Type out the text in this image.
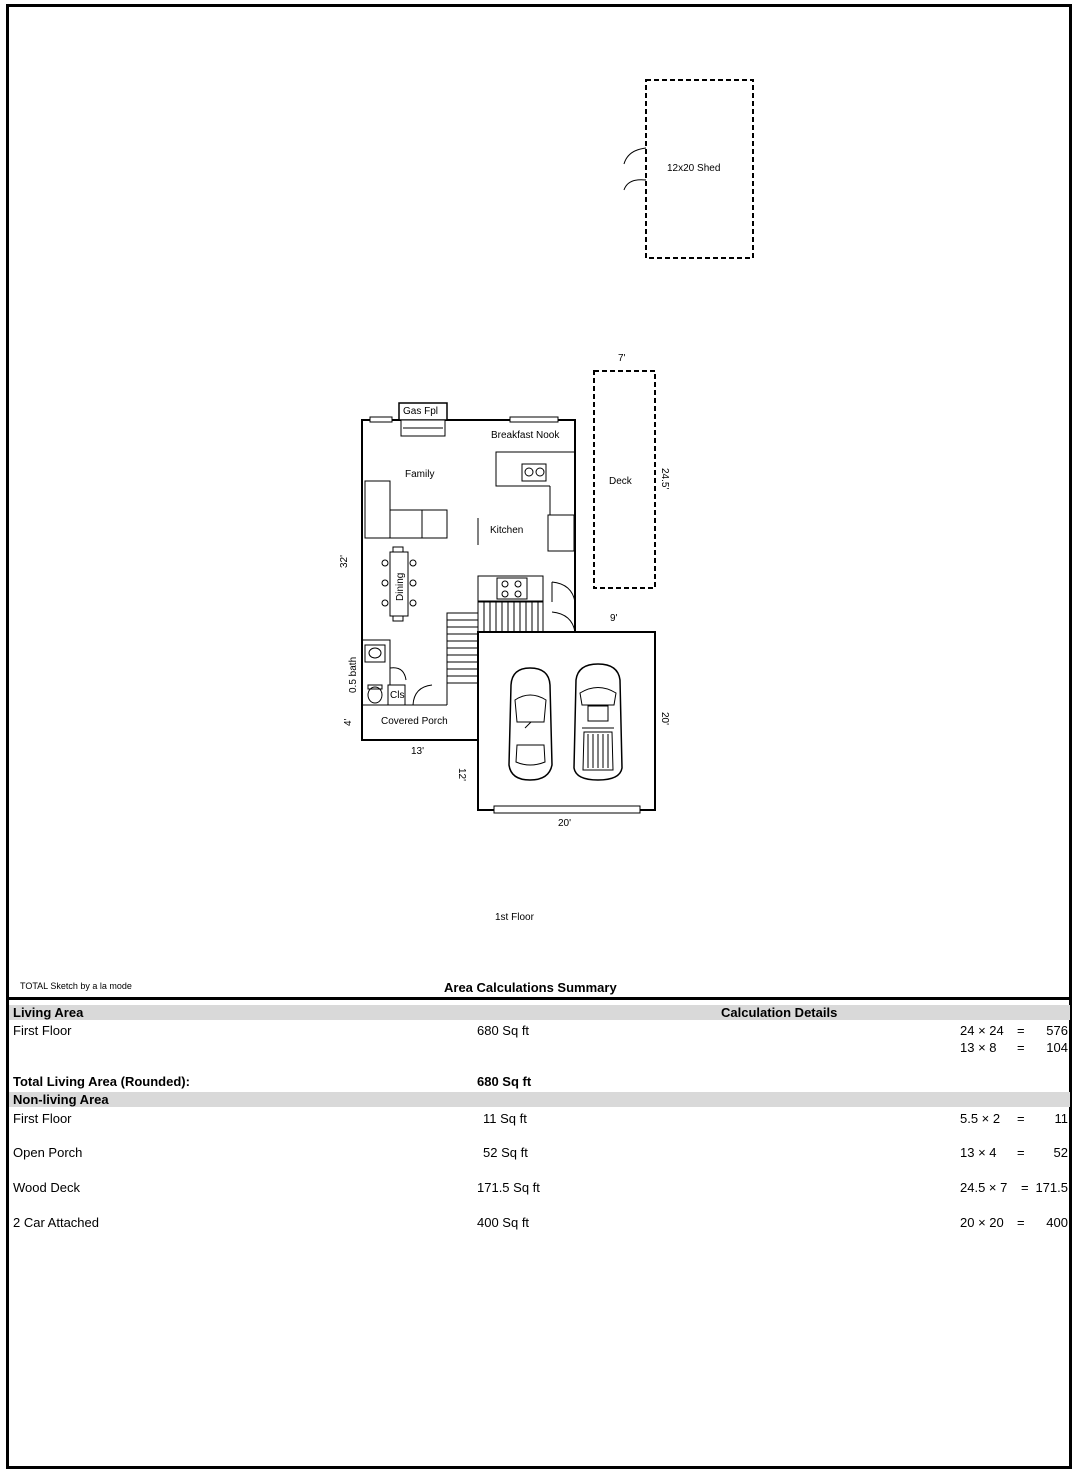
12x20 Shed
Deck
7'
24.5'
Gas Fpl
Breakfast Nook
Kitchen
Family
Dining
Cls
0.5 bath
Covered Porch
32'
9'
4'
13'
12'
20'
20'
1st Floor
TOTAL Sketch by a la mode	Area Calculations Summary
Living Area	Calculation Details
First Floor	680 Sq ft	24 × 24 = 576
13 × 8 = 104
Total Living Area (Rounded):	680 Sq ft
Non-living Area
First Floor	11 Sq ft	5.5 × 2 = 11
Open Porch	52 Sq ft	13 × 4 = 52
Wood Deck	171.5 Sq ft	24.5 × 7 = 171.5
2 Car Attached	400 Sq ft	20 × 20 = 400
